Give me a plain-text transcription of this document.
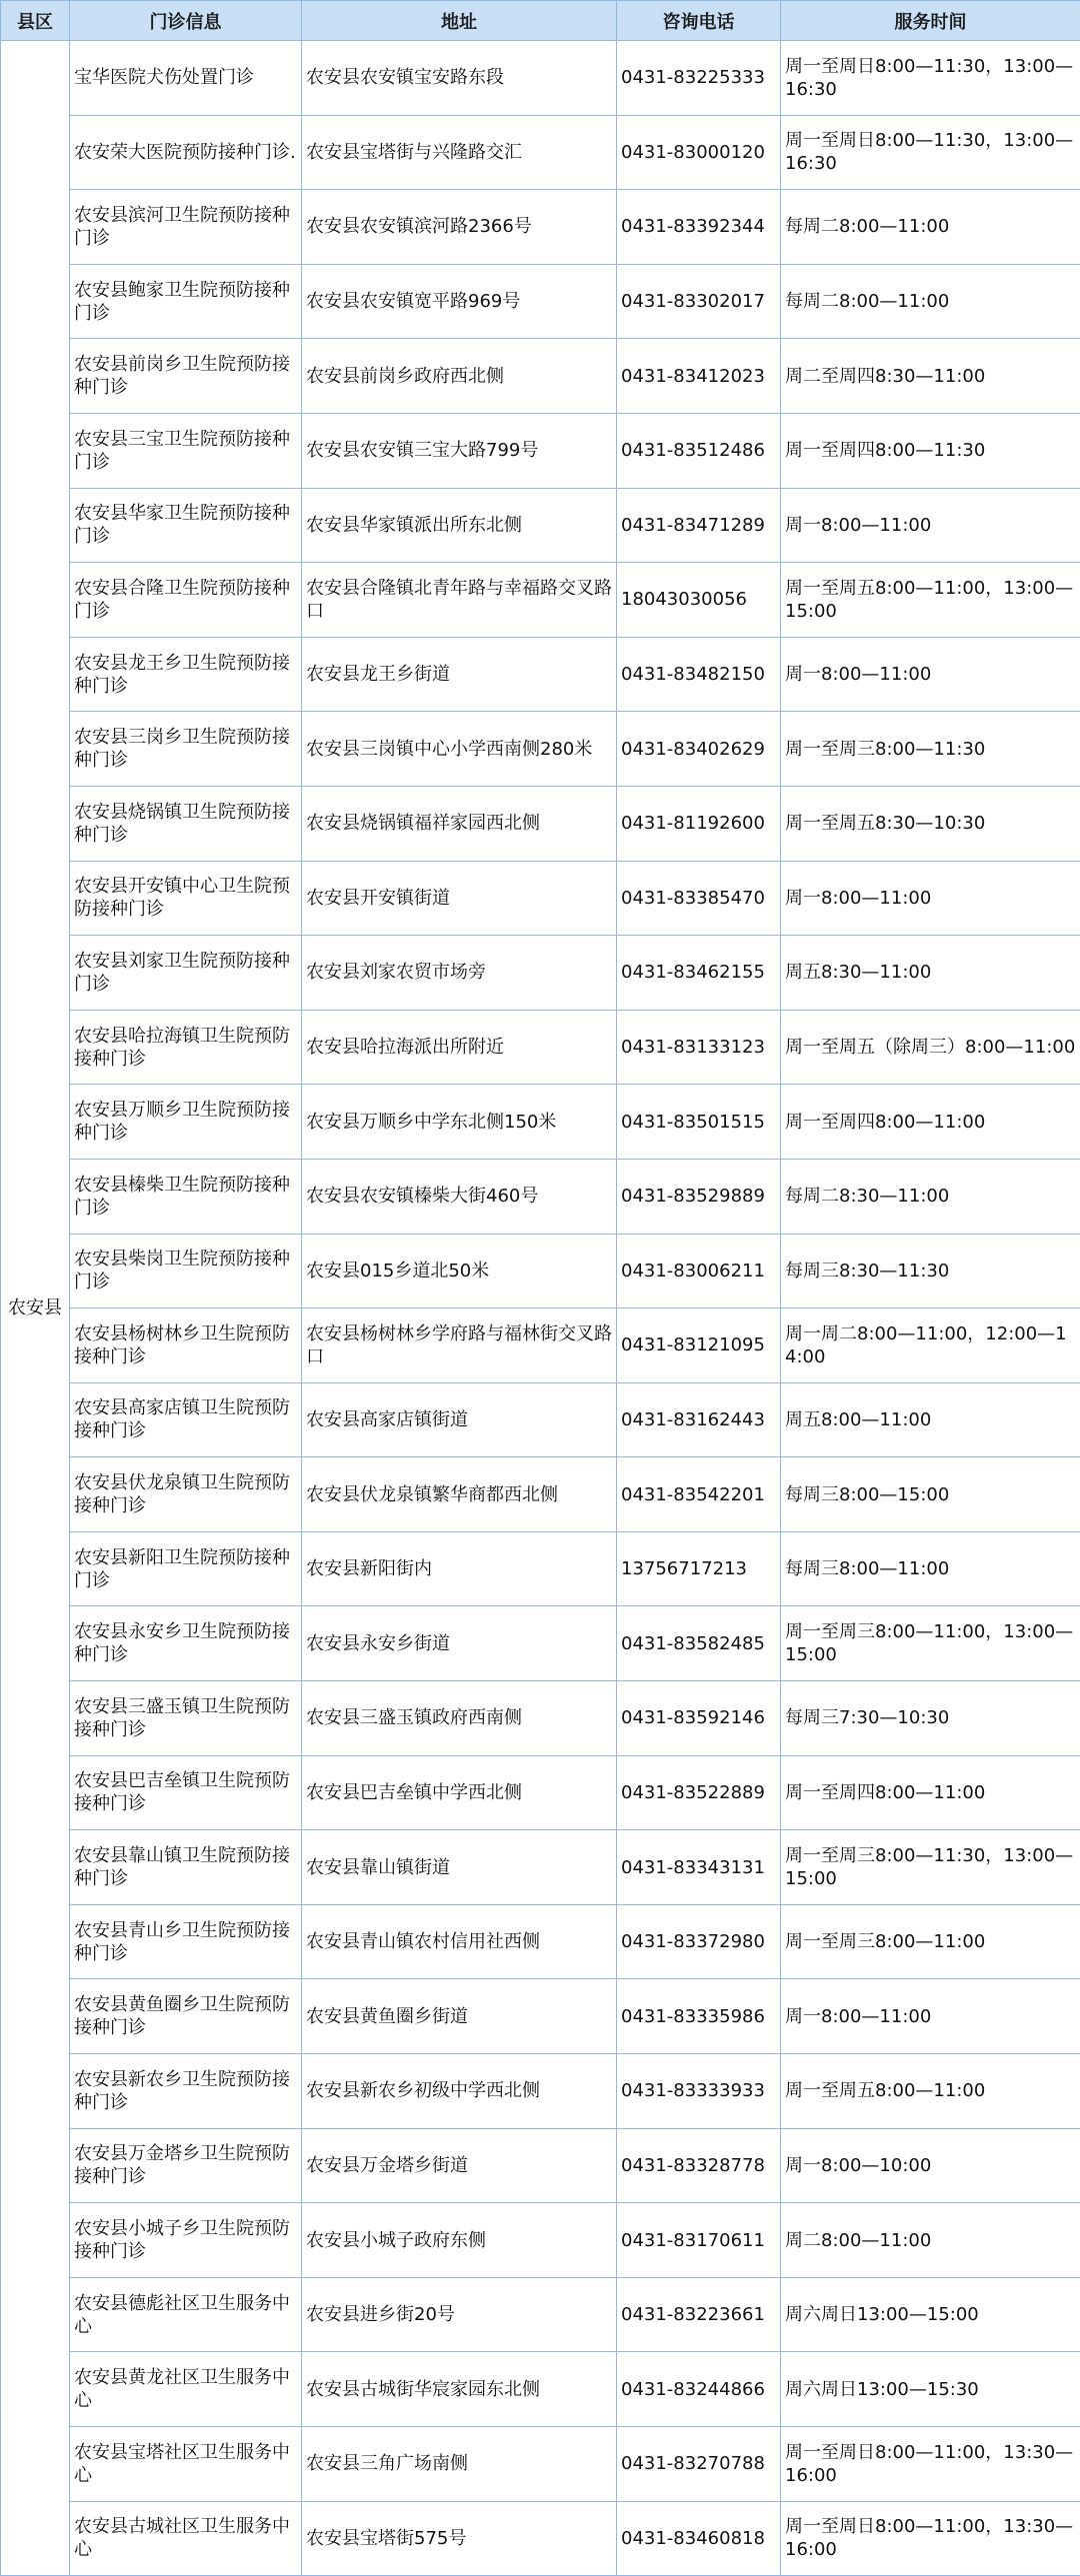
县区	门诊信息	地址	咨询电话	服务时间
农安县	宝华医院犬伤处置门诊	农安县农安镇宝安路东段	0431-83225333	周一至周日8:00—11:30，13:00—16:30
	农安荣大医院预防接种门诊.	农安县宝塔街与兴隆路交汇	0431-83000120	周一至周日8:00—11:30，13:00—16:30
	农安县滨河卫生院预防接种门诊	农安县农安镇滨河路2366号	0431-83392344	每周二8:00—11:00
	农安县鲍家卫生院预防接种门诊	农安县农安镇宽平路969号	0431-83302017	每周二8:00—11:00
	农安县前岗乡卫生院预防接种门诊	农安县前岗乡政府西北侧	0431-83412023	周二至周四8:30—11:00
	农安县三宝卫生院预防接种门诊	农安县农安镇三宝大路799号	0431-83512486	周一至周四8:00—11:30
	农安县华家卫生院预防接种门诊	农安县华家镇派出所东北侧	0431-83471289	周一8:00—11:00
	农安县合隆卫生院预防接种门诊	农安县合隆镇北青年路与幸福路交叉路口	18043030056	周一至周五8:00—11:00，13:00—15:00
	农安县龙王乡卫生院预防接种门诊	农安县龙王乡街道	0431-83482150	周一8:00—11:00
	农安县三岗乡卫生院预防接种门诊	农安县三岗镇中心小学西南侧280米	0431-83402629	周一至周三8:00—11:30
	农安县烧锅镇卫生院预防接种门诊	农安县烧锅镇福祥家园西北侧	0431-81192600	周一至周五8:30—10:30
	农安县开安镇中心卫生院预防接种门诊	农安县开安镇街道	0431-83385470	周一8:00—11:00
	农安县刘家卫生院预防接种门诊	农安县刘家农贸市场旁	0431-83462155	周五8:30—11:00
	农安县哈拉海镇卫生院预防接种门诊	农安县哈拉海派出所附近	0431-83133123	周一至周五（除周三）8:00—11:00
	农安县万顺乡卫生院预防接种门诊	农安县万顺乡中学东北侧150米	0431-83501515	周一至周四8:00—11:00
	农安县榛柴卫生院预防接种门诊	农安县农安镇榛柴大街460号	0431-83529889	每周二8:30—11:00
	农安县柴岗卫生院预防接种门诊	农安县015乡道北50米	0431-83006211	每周三8:30—11:30
	农安县杨树林乡卫生院预防接种门诊	农安县杨树林乡学府路与福林街交叉路口	0431-83121095	周一周二8:00—11:00，12:00—14:00
	农安县高家店镇卫生院预防接种门诊	农安县高家店镇街道	0431-83162443	周五8:00—11:00
	农安县伏龙泉镇卫生院预防接种门诊	农安县伏龙泉镇繁华商都西北侧	0431-83542201	每周三8:00—15:00
	农安县新阳卫生院预防接种门诊	农安县新阳街内	13756717213	每周三8:00—11:00
	农安县永安乡卫生院预防接种门诊	农安县永安乡街道	0431-83582485	周一至周三8:00—11:00，13:00—15:00
	农安县三盛玉镇卫生院预防接种门诊	农安县三盛玉镇政府西南侧	0431-83592146	每周三7:30—10:30
	农安县巴吉垒镇卫生院预防接种门诊	农安县巴吉垒镇中学西北侧	0431-83522889	周一至周四8:00—11:00
	农安县靠山镇卫生院预防接种门诊	农安县靠山镇街道	0431-83343131	周一至周三8:00—11:30，13:00—15:00
	农安县青山乡卫生院预防接种门诊	农安县青山镇农村信用社西侧	0431-83372980	周一至周三8:00—11:00
	农安县黄鱼圈乡卫生院预防接种门诊	农安县黄鱼圈乡街道	0431-83335986	周一8:00—11:00
	农安县新农乡卫生院预防接种门诊	农安县新农乡初级中学西北侧	0431-83333933	周一至周五8:00—11:00
	农安县万金塔乡卫生院预防接种门诊	农安县万金塔乡街道	0431-83328778	周一8:00—10:00
	农安县小城子乡卫生院预防接种门诊	农安县小城子政府东侧	0431-83170611	周二8:00—11:00
	农安县德彪社区卫生服务中心	农安县进乡街20号	0431-83223661	周六周日13:00—15:00
	农安县黄龙社区卫生服务中心	农安县古城街华宸家园东北侧	0431-83244866	周六周日13:00—15:30
	农安县宝塔社区卫生服务中心	农安县三角广场南侧	0431-83270788	周一至周日8:00—11:00，13:30—16:00
	农安县古城社区卫生服务中心	农安县宝塔街575号	0431-83460818	周一至周日8:00—11:00，13:30—16:00
